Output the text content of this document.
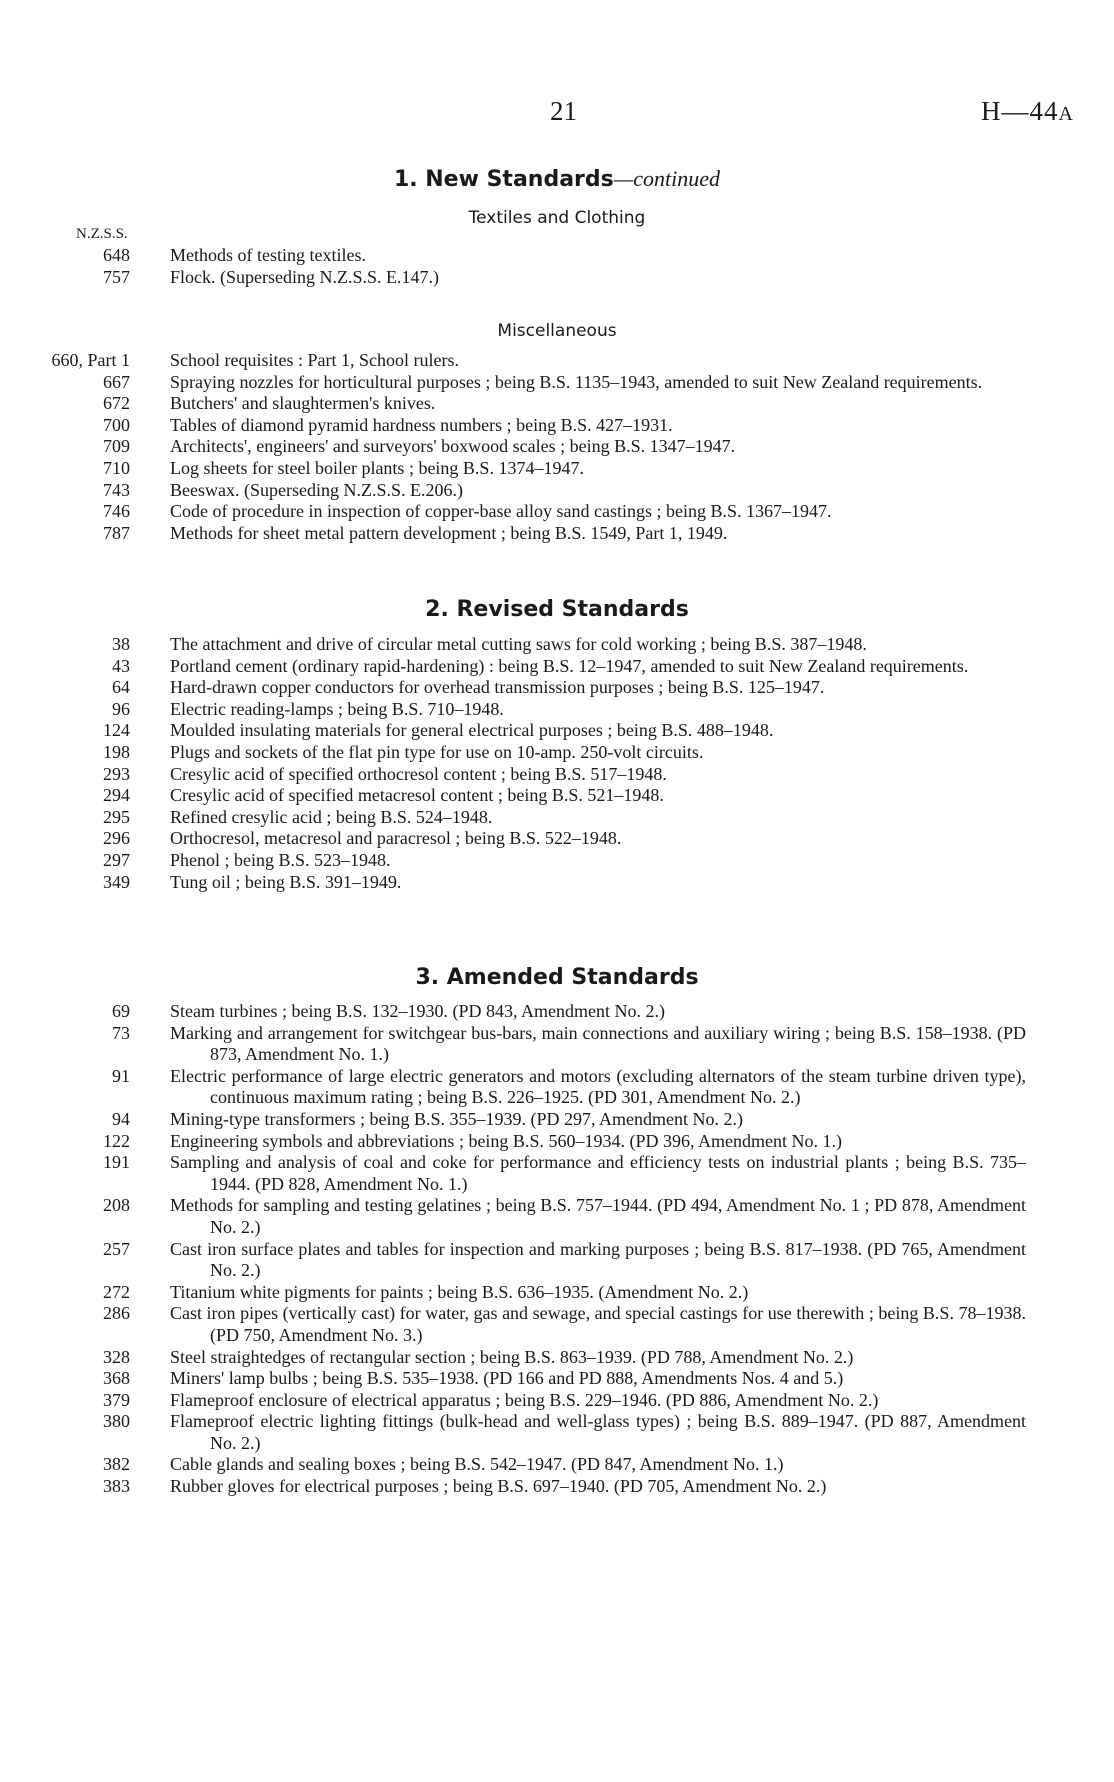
21	H—44A
1. New Standards—continued
Textiles and Clothing
N.Z.S.S.
648	Methods of testing textiles.
757	Flock. (Superseding N.Z.S.S. E.147.)
Miscellaneous
660, Part 1	School requisites : Part 1, School rulers.
667	Spraying nozzles for horticultural purposes ; being B.S. 1135–1943, amended to suit New Zealand requirements.
672	Butchers' and slaughtermen's knives.
700	Tables of diamond pyramid hardness numbers ; being B.S. 427–1931.
709	Architects', engineers' and surveyors' boxwood scales ; being B.S. 1347–1947.
710	Log sheets for steel boiler plants ; being B.S. 1374–1947.
743	Beeswax. (Superseding N.Z.S.S. E.206.)
746	Code of procedure in inspection of copper-base alloy sand castings ; being B.S. 1367–1947.
787	Methods for sheet metal pattern development ; being B.S. 1549, Part 1, 1949.
2. Revised Standards
38	The attachment and drive of circular metal cutting saws for cold working ; being B.S. 387–1948.
43	Portland cement (ordinary rapid-hardening) : being B.S. 12–1947, amended to suit New Zealand requirements.
64	Hard-drawn copper conductors for overhead transmission purposes ; being B.S. 125–1947.
96	Electric reading-lamps ; being B.S. 710–1948.
124	Moulded insulating materials for general electrical purposes ; being B.S. 488–1948.
198	Plugs and sockets of the flat pin type for use on 10-amp. 250-volt circuits.
293	Cresylic acid of specified orthocresol content ; being B.S. 517–1948.
294	Cresylic acid of specified metacresol content ; being B.S. 521–1948.
295	Refined cresylic acid ; being B.S. 524–1948.
296	Orthocresol, metacresol and paracresol ; being B.S. 522–1948.
297	Phenol ; being B.S. 523–1948.
349	Tung oil ; being B.S. 391–1949.
3. Amended Standards
69	Steam turbines ; being B.S. 132–1930. (PD 843, Amendment No. 2.)
73	Marking and arrangement for switchgear bus-bars, main connections and auxiliary wiring ; being B.S. 158–1938. (PD 873, Amendment No. 1.)
91	Electric performance of large electric generators and motors (excluding alternators of the steam turbine driven type), continuous maximum rating ; being B.S. 226–1925. (PD 301, Amendment No. 2.)
94	Mining-type transformers ; being B.S. 355–1939. (PD 297, Amendment No. 2.)
122	Engineering symbols and abbreviations ; being B.S. 560–1934. (PD 396, Amendment No. 1.)
191	Sampling and analysis of coal and coke for performance and efficiency tests on industrial plants ; being B.S. 735–1944. (PD 828, Amendment No. 1.)
208	Methods for sampling and testing gelatines ; being B.S. 757–1944. (PD 494, Amendment No. 1 ; PD 878, Amendment No. 2.)
257	Cast iron surface plates and tables for inspection and marking purposes ; being B.S. 817–1938. (PD 765, Amendment No. 2.)
272	Titanium white pigments for paints ; being B.S. 636–1935. (Amendment No. 2.)
286	Cast iron pipes (vertically cast) for water, gas and sewage, and special castings for use therewith ; being B.S. 78–1938. (PD 750, Amendment No. 3.)
328	Steel straightedges of rectangular section ; being B.S. 863–1939. (PD 788, Amendment No. 2.)
368	Miners' lamp bulbs ; being B.S. 535–1938. (PD 166 and PD 888, Amendments Nos. 4 and 5.)
379	Flameproof enclosure of electrical apparatus ; being B.S. 229–1946. (PD 886, Amendment No. 2.)
380	Flameproof electric lighting fittings (bulk-head and well-glass types) ; being B.S. 889–1947. (PD 887, Amendment No. 2.)
382	Cable glands and sealing boxes ; being B.S. 542–1947. (PD 847, Amendment No. 1.)
383	Rubber gloves for electrical purposes ; being B.S. 697–1940. (PD 705, Amendment No. 2.)
